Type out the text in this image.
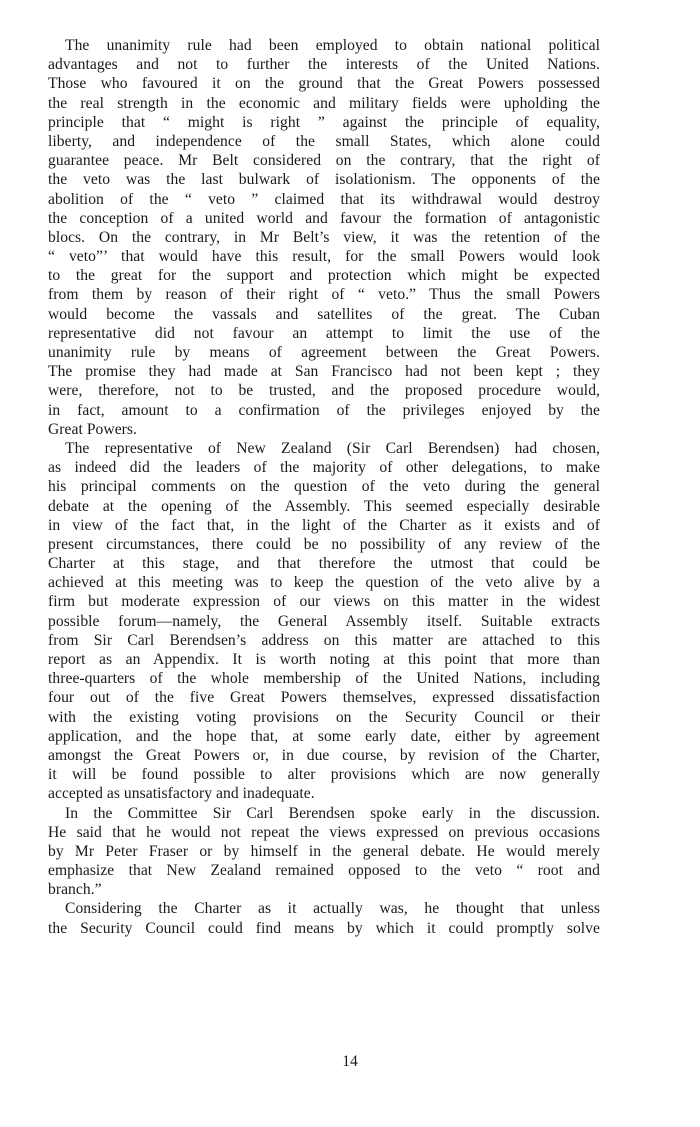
The unanimity rule had been employed to obtain national political
advantages and not to further the interests of the United Nations.
Those who favoured it on the ground that the Great Powers possessed
the real strength in the economic and military fields were upholding the
principle that “ might is right ” against the principle of equality,
liberty, and independence of the small States, which alone could
guarantee peace. Mr Belt considered on the contrary, that the right of
the veto was the last bulwark of isolationism. The opponents of the
abolition of the “ veto ” claimed that its withdrawal would destroy
the conception of a united world and favour the formation of antagonistic
blocs. On the contrary, in Mr Belt’s view, it was the retention of the
“ veto”’ that would have this result, for the small Powers would look
to the great for the support and protection which might be expected
from them by reason of their right of “ veto.” Thus the small Powers
would become the vassals and satellites of the great. The Cuban
representative did not favour an attempt to limit the use of the
unanimity rule by means of agreement between the Great Powers.
The promise they had made at San Francisco had not been kept ; they
were, therefore, not to be trusted, and the proposed procedure would,
in fact, amount to a confirmation of the privileges enjoyed by the
Great Powers.
The representative of New Zealand (Sir Carl Berendsen) had chosen,
as indeed did the leaders of the majority of other delegations, to make
his principal comments on the question of the veto during the general
debate at the opening of the Assembly. This seemed especially desirable
in view of the fact that, in the light of the Charter as it exists and of
present circumstances, there could be no possibility of any review of the
Charter at this stage, and that therefore the utmost that could be
achieved at this meeting was to keep the question of the veto alive by a
firm but moderate expression of our views on this matter in the widest
possible forum—namely, the General Assembly itself. Suitable extracts
from Sir Carl Berendsen’s address on this matter are attached to this
report as an Appendix. It is worth noting at this point that more than
three-quarters of the whole membership of the United Nations, including
four out of the five Great Powers themselves, expressed dissatisfaction
with the existing voting provisions on the Security Council or their
application, and the hope that, at some early date, either by agreement
amongst the Great Powers or, in due course, by revision of the Charter,
it will be found possible to alter provisions which are now generally
accepted as unsatisfactory and inadequate.
In the Committee Sir Carl Berendsen spoke early in the discussion.
He said that he would not repeat the views expressed on previous occasions
by Mr Peter Fraser or by himself in the general debate. He would merely
emphasize that New Zealand remained opposed to the veto “ root and
branch.”
Considering the Charter as it actually was, he thought that unless
the Security Council could find means by which it could promptly solve
14
